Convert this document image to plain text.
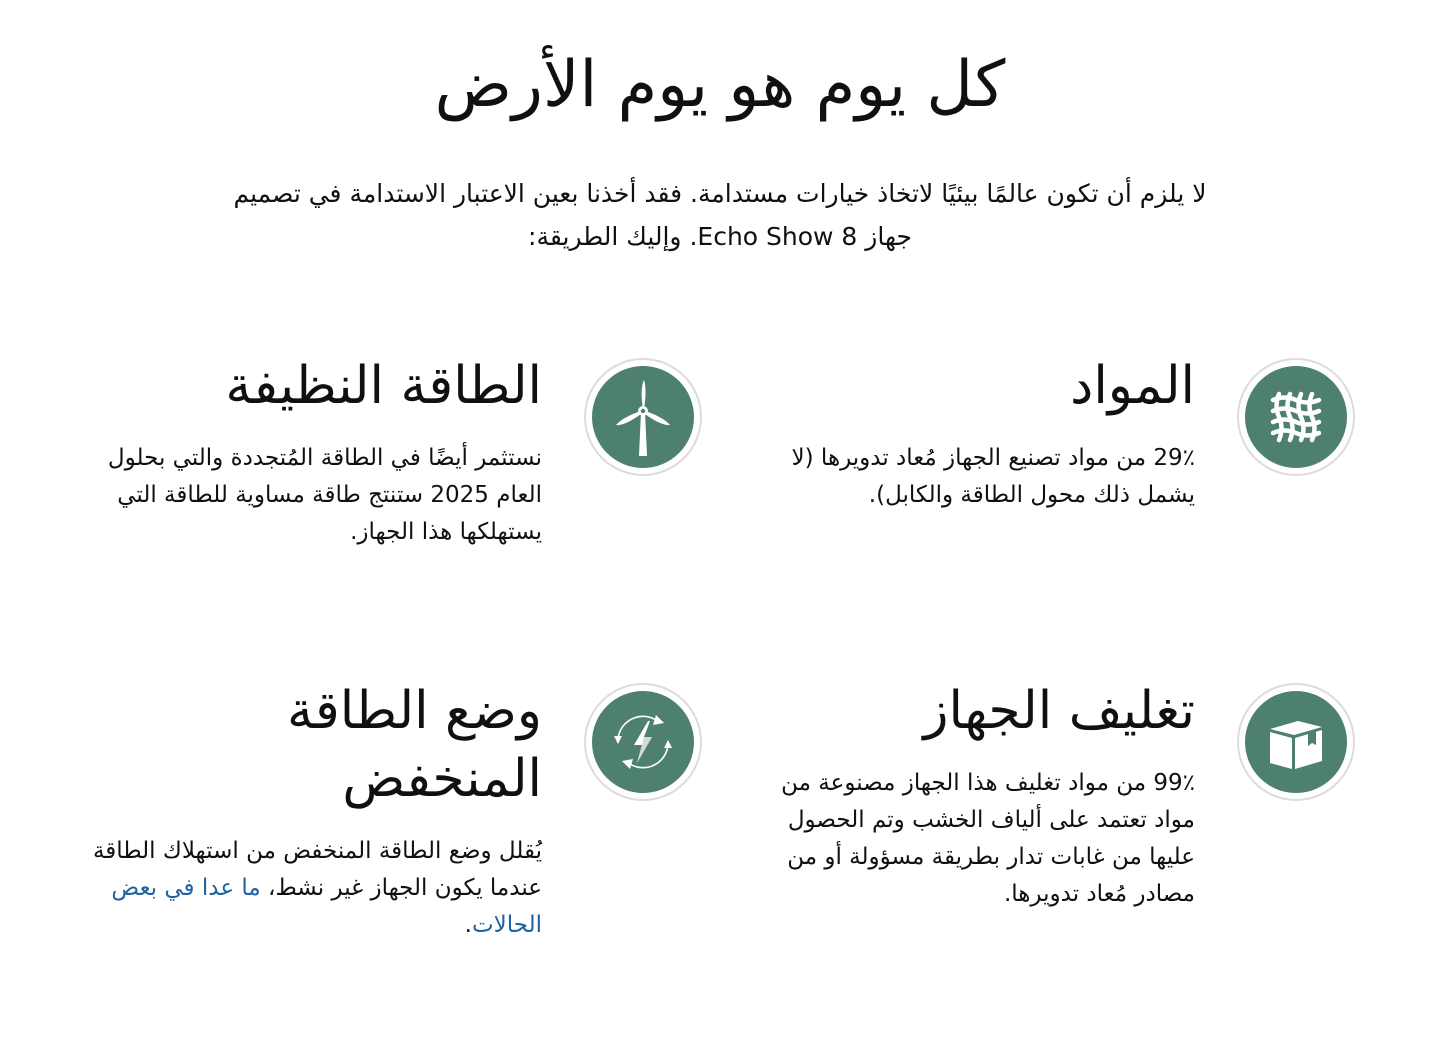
كل يوم هو يوم الأرض
لا يلزم أن تكون عالمًا بيئيًا لاتخاذ خيارات مستدامة. فقد أخذنا بعين الاعتبار الاستدامة في تصميم
جهاز Echo Show 8. وإليك الطريقة:
المواد

29٪ من مواد تصنيع الجهاز مُعاد تدويرها (لا يشمل ذلك محول الطاقة والكابل).

الطاقة النظيفة

نستثمر أيضًا في الطاقة المُتجددة والتي بحلول العام 2025 ستنتج طاقة مساوية للطاقة التي يستهلكها هذا الجهاز.

تغليف الجهاز

99٪ من مواد تغليف هذا الجهاز مصنوعة من مواد تعتمد على ألياف الخشب وتم الحصول عليها من غابات تدار بطريقة مسؤولة أو من مصادر مُعاد تدويرها.

وضع الطاقة المنخفض

يُقلل وضع الطاقة المنخفض من استهلاك الطاقة عندما يكون الجهاز غير نشط، ما عدا في بعض الحالات.
